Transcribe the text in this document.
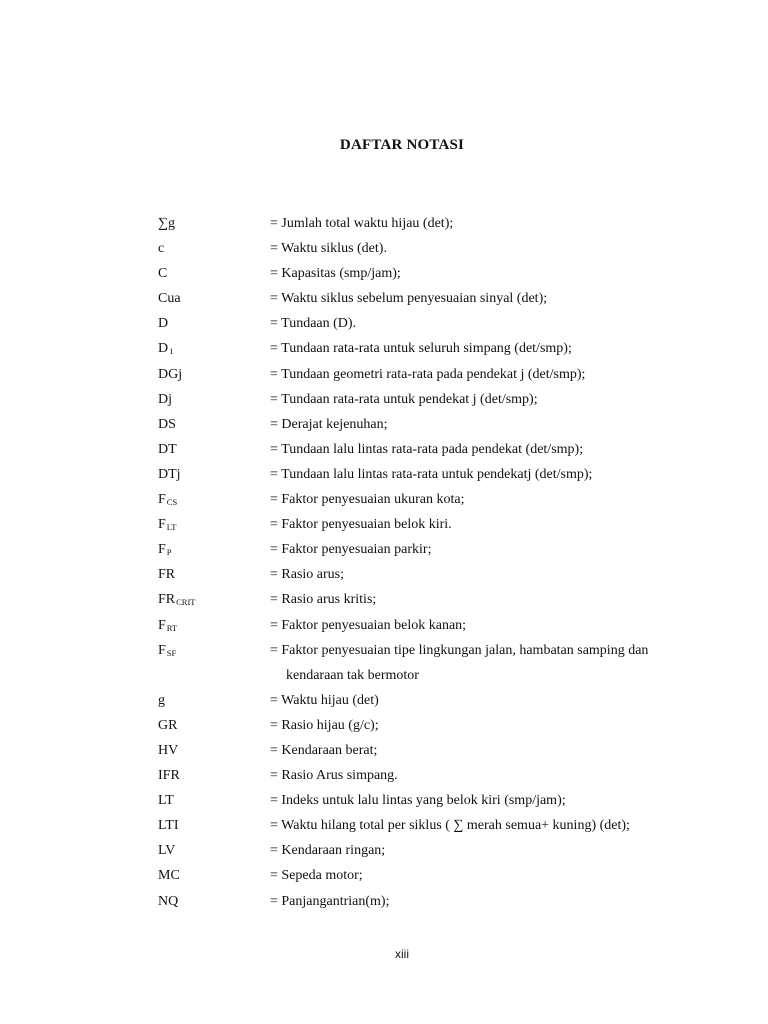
DAFTAR NOTASI
∑g	= Jumlah total waktu hijau (det);
c	= Waktu siklus (det).
C	= Kapasitas (smp/jam);
Cua	= Waktu siklus sebelum penyesuaian sinyal (det);
D	= Tundaan (D).
$D_1$	= Tundaan rata-rata untuk seluruh simpang (det/smp);
DGj	= Tundaan geometri rata-rata pada pendekat j (det/smp);
Dj	= Tundaan rata-rata untuk pendekat j (det/smp);
DS	= Derajat kejenuhan;
DT	= Tundaan lalu lintas rata-rata pada pendekat (det/smp);
DTj	= Tundaan lalu lintas rata-rata untuk pendekatj (det/smp);
$F_{CS}$	= Faktor penyesuaian ukuran kota;
$F_{LT}$	= Faktor penyesuaian belok kiri.
$F_P$	= Faktor penyesuaian parkir;
FR	= Rasio arus;
$FR_{CRIT}$	= Rasio arus kritis;
$F_{RT}$	= Faktor penyesuaian belok kanan;
$F_{SF}$	= Faktor penyesuaian tipe lingkungan jalan, hambatan samping dan
kendaraan tak bermotor
g	= Waktu hijau (det)
GR	= Rasio hijau (g/c);
HV	= Kendaraan berat;
IFR	= Rasio Arus simpang.
LT	= Indeks untuk lalu lintas yang belok kiri (smp/jam);
LTI	= Waktu hilang total per siklus ( ∑ merah semua+ kuning) (det);
LV	= Kendaraan ringan;
MC	= Sepeda motor;
NQ	= Panjangantrian(m);
xiii
